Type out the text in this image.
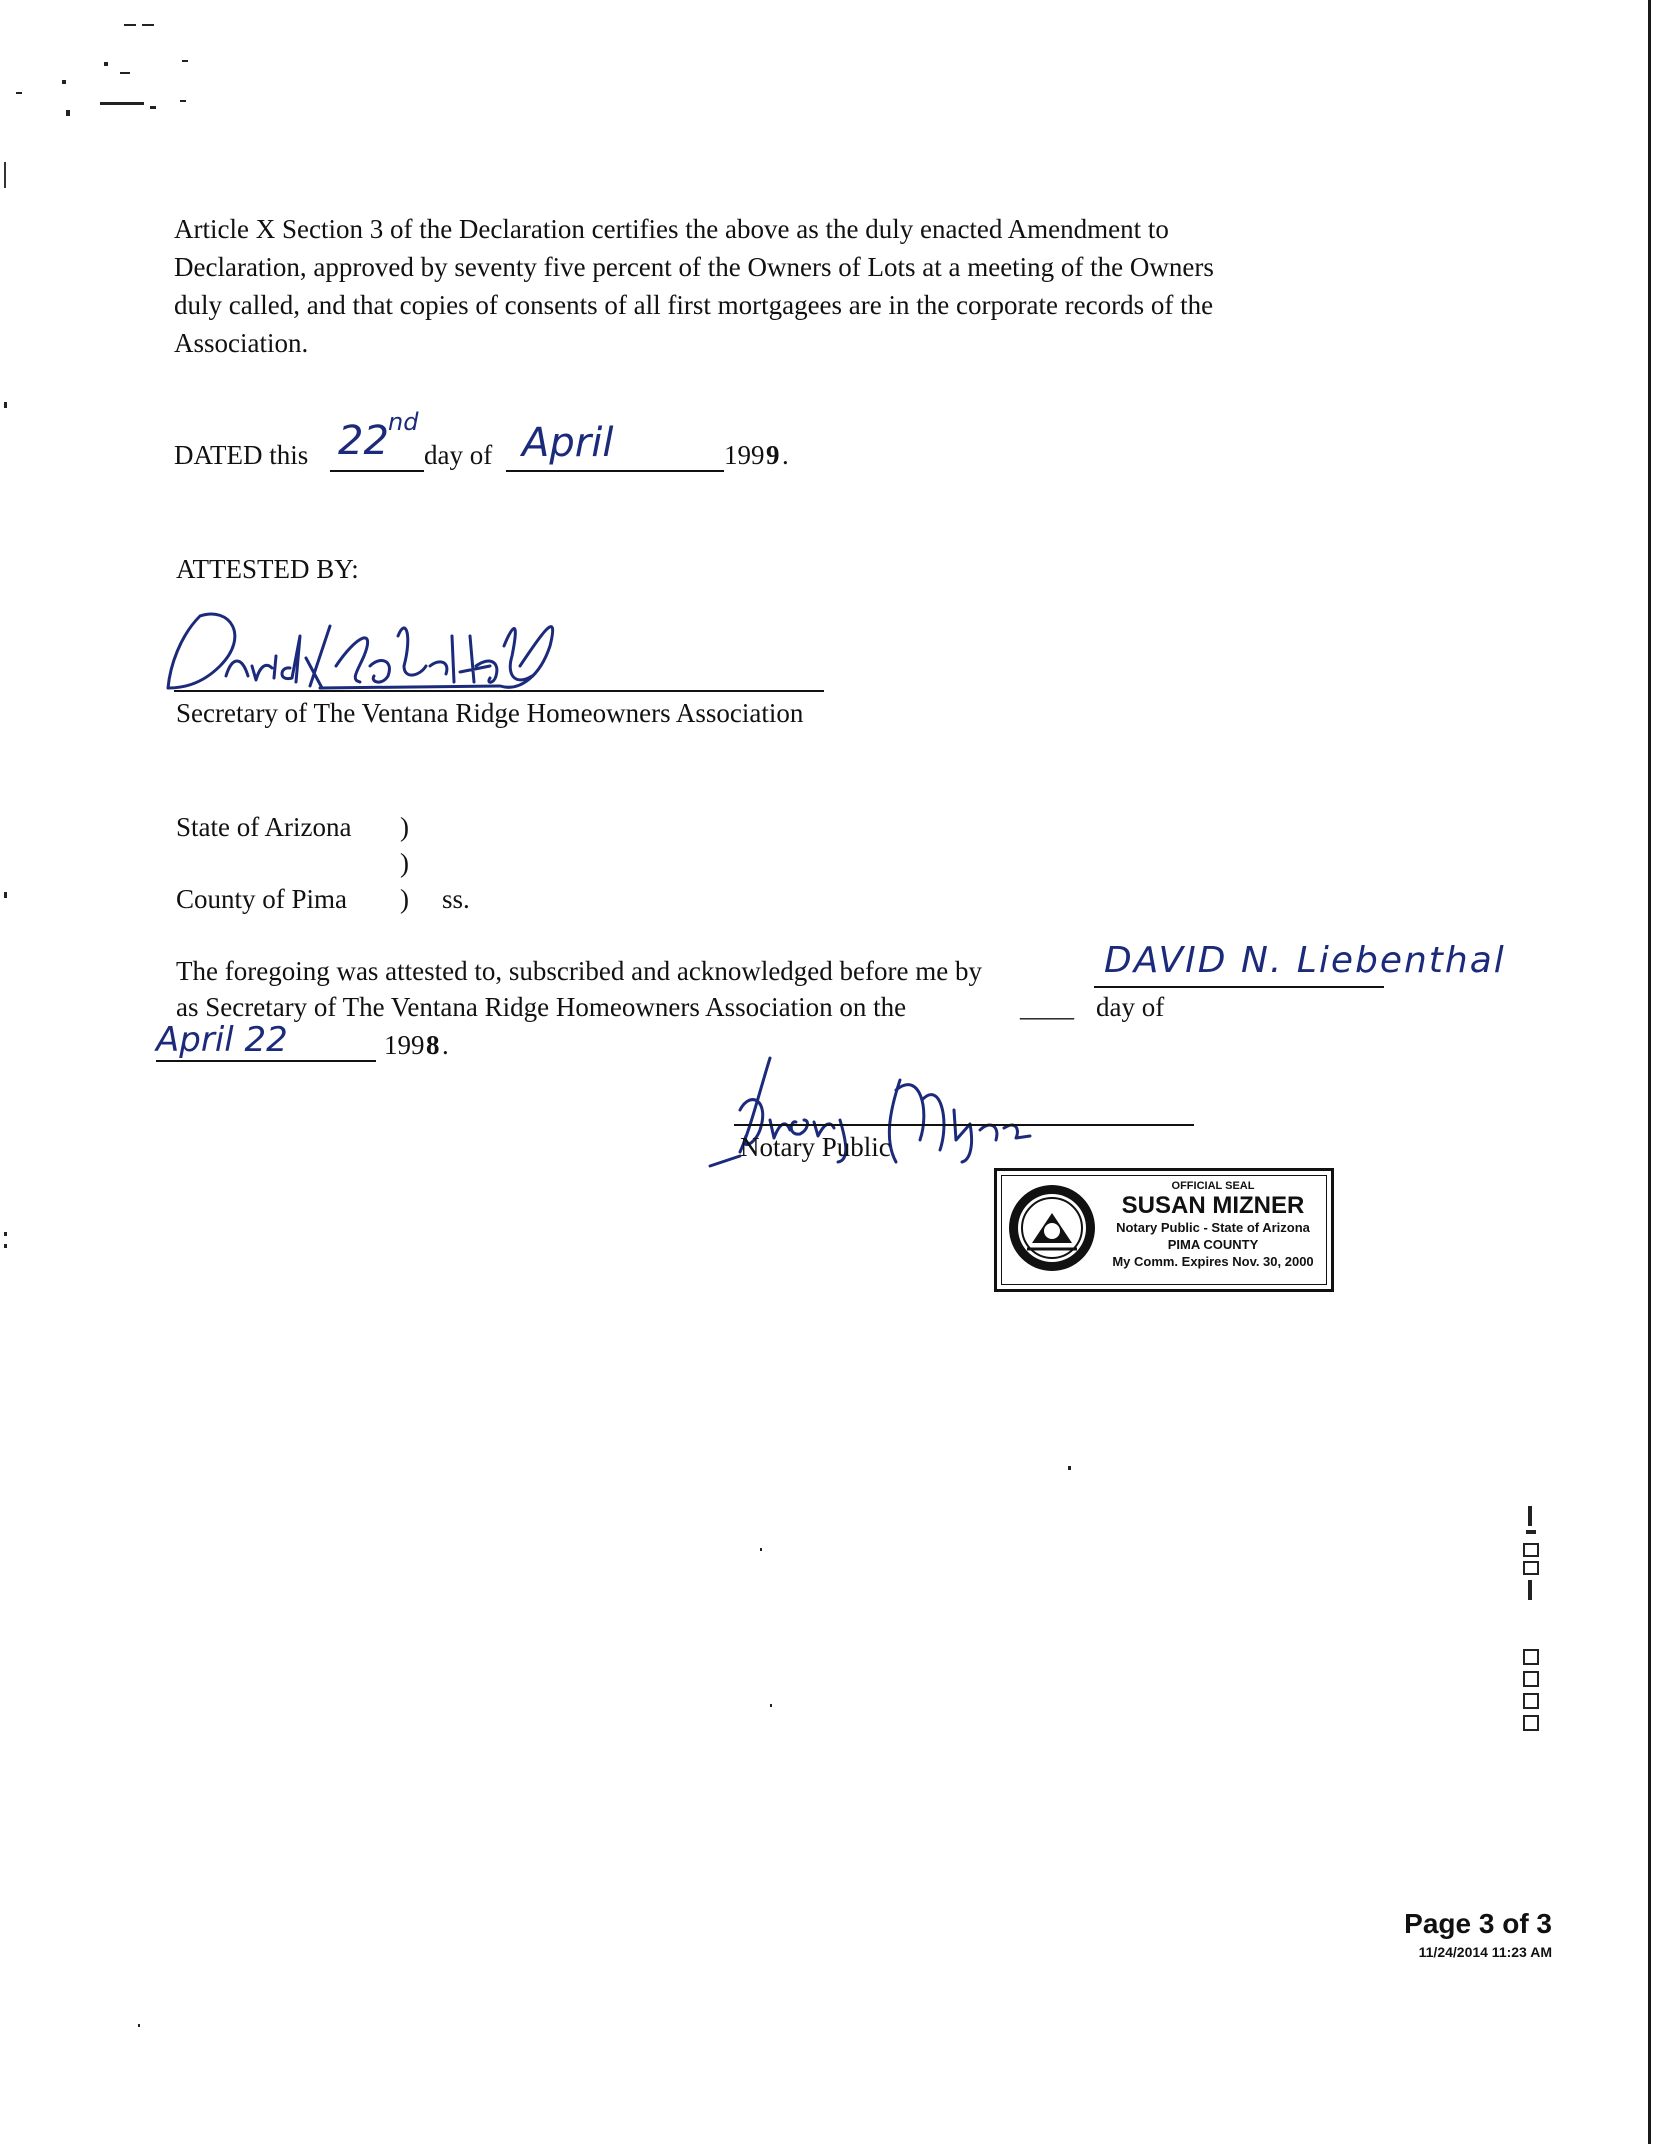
Article X Section 3 of the Declaration certifies the above as the duly enacted Amendment to
Declaration, approved by seventy five percent of the Owners of Lots at a meeting of the Owners
duly called, and that copies of consents of all first mortgagees are in the corporate records of the
Association.
DATED this 22 nd
day of April	199 9 .
ATTESTED BY:
Secretary of The Ventana Ridge Homeowners Association
State of Arizona )
)
County of Pima ) ss.
The foregoing was attested to, subscribed and acknowledged before me by	DAVID N. Liebenthal
as Secretary of The Ventana Ridge Homeowners Association on the	____ day of
April 22	199 8 .
Notary Public
OFFICIAL SEAL
SUSAN MIZNER
Notary Public - State of Arizona
PIMA COUNTY
My Comm. Expires Nov. 30, 2000
Page 3 of 3
11/24/2014 11:23 AM
